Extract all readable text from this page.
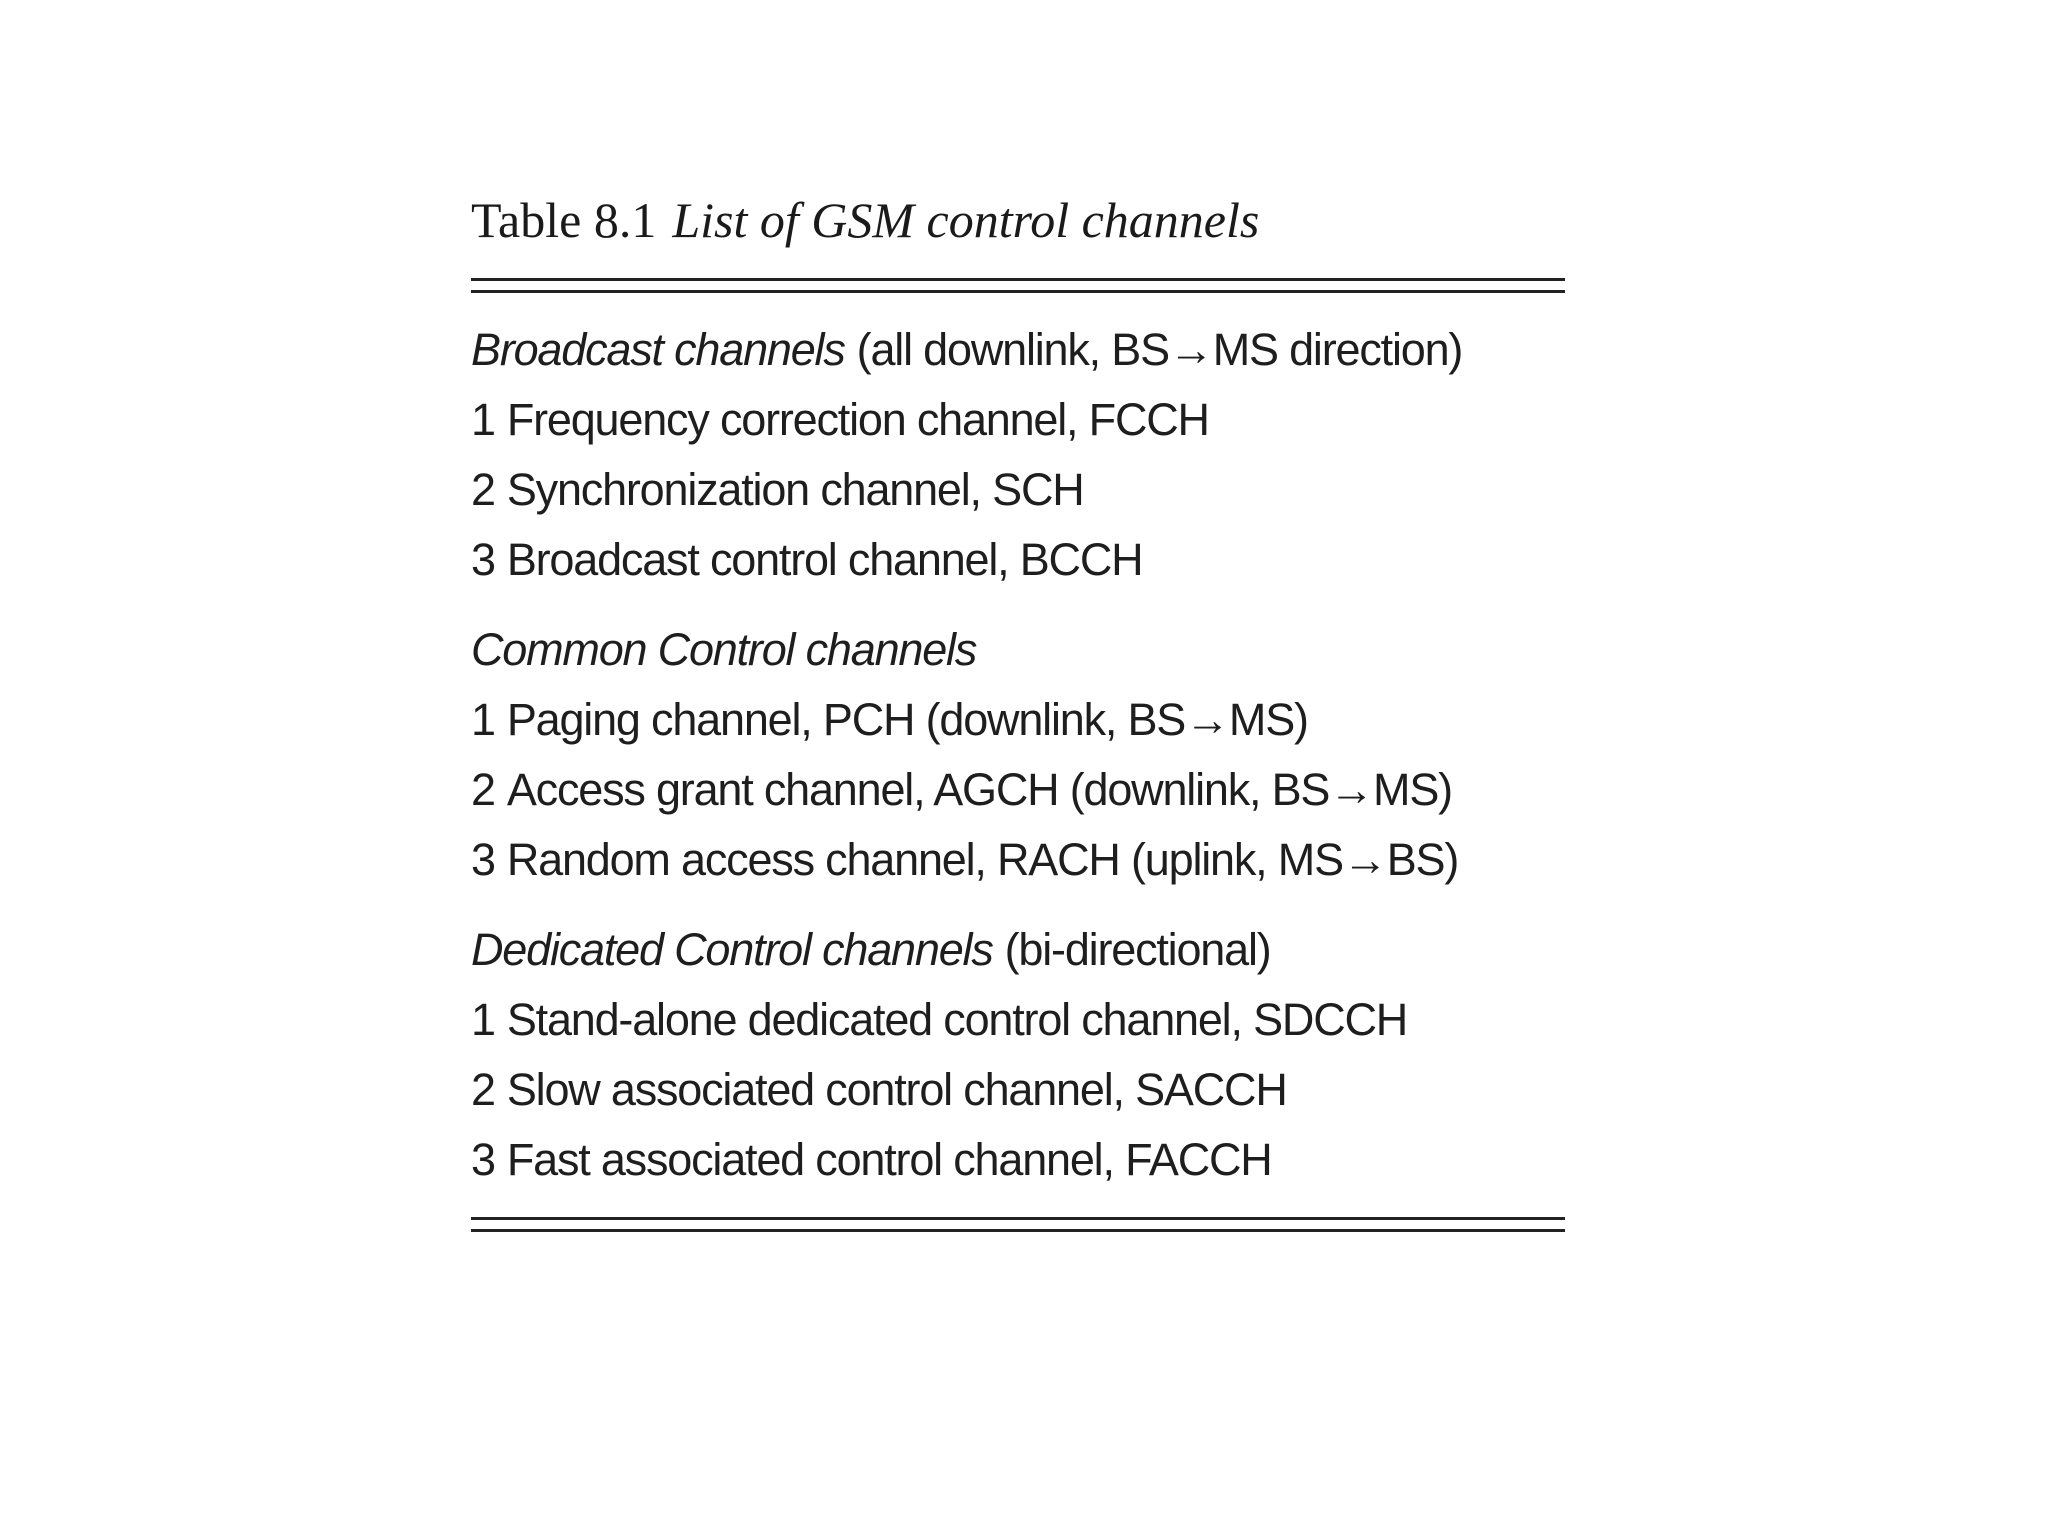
Table 8.1 List of GSM control channels

Broadcast channels (all downlink, BS→MS direction)
1 Frequency correction channel, FCCH
2 Synchronization channel, SCH
3 Broadcast control channel, BCCH
Common Control channels
1 Paging channel, PCH (downlink, BS→MS)
2 Access grant channel, AGCH (downlink, BS→MS)
3 Random access channel, RACH (uplink, MS→BS)
Dedicated Control channels (bi-directional)
1 Stand-alone dedicated control channel, SDCCH
2 Slow associated control channel, SACCH
3 Fast associated control channel, FACCH
